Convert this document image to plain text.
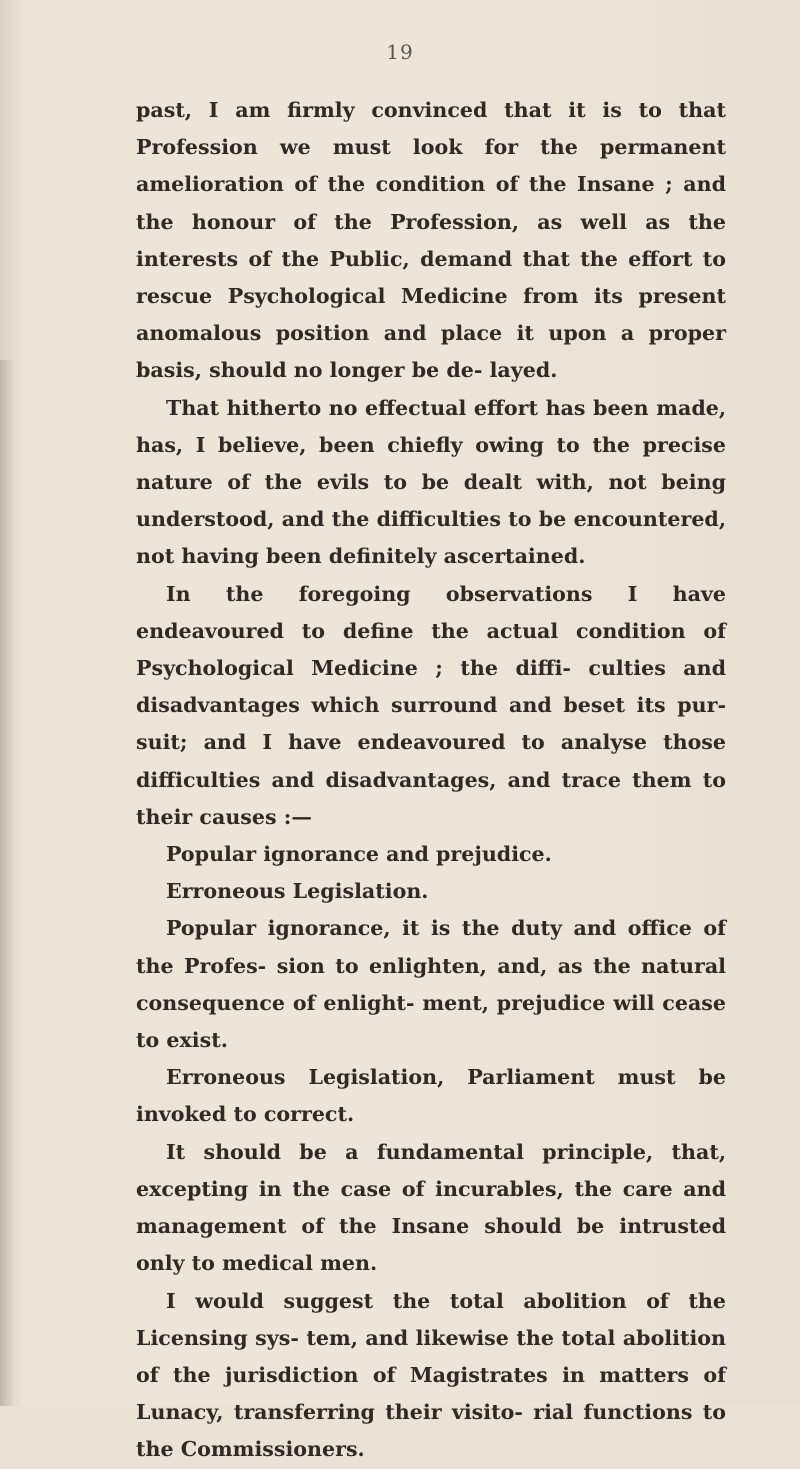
19

past, I am firmly convinced that it is to that Profession we must look for the permanent amelioration of the condition of the Insane ; and the honour of the Profession, as well as the interests of the Public, demand that the effort to rescue Psychological Medicine from its present anomalous position and place it upon a proper basis, should no longer be de- layed.

That hitherto no effectual effort has been made, has, I believe, been chiefly owing to the precise nature of the evils to be dealt with, not being understood, and the difficulties to be encountered, not having been definitely ascertained.

In the foregoing observations I have endeavoured to define the actual condition of Psychological Medicine ; the diffi- culties and disadvantages which surround and beset its pur- suit; and I have endeavoured to analyse those difficulties and disadvantages, and trace them to their causes :—

Popular ignorance and prejudice.

Erroneous Legislation.

Popular ignorance, it is the duty and office of the Profes- sion to enlighten, and, as the natural consequence of enlight- ment, prejudice will cease to exist.

Erroneous Legislation, Parliament must be invoked to correct.

It should be a fundamental principle, that, excepting in the case of incurables, the care and management of the Insane should be intrusted only to medical men.

I would suggest the total abolition of the Licensing sys- tem, and likewise the total abolition of the jurisdiction of Magistrates in matters of Lunacy, transferring their visito- rial functions to the Commissioners.
